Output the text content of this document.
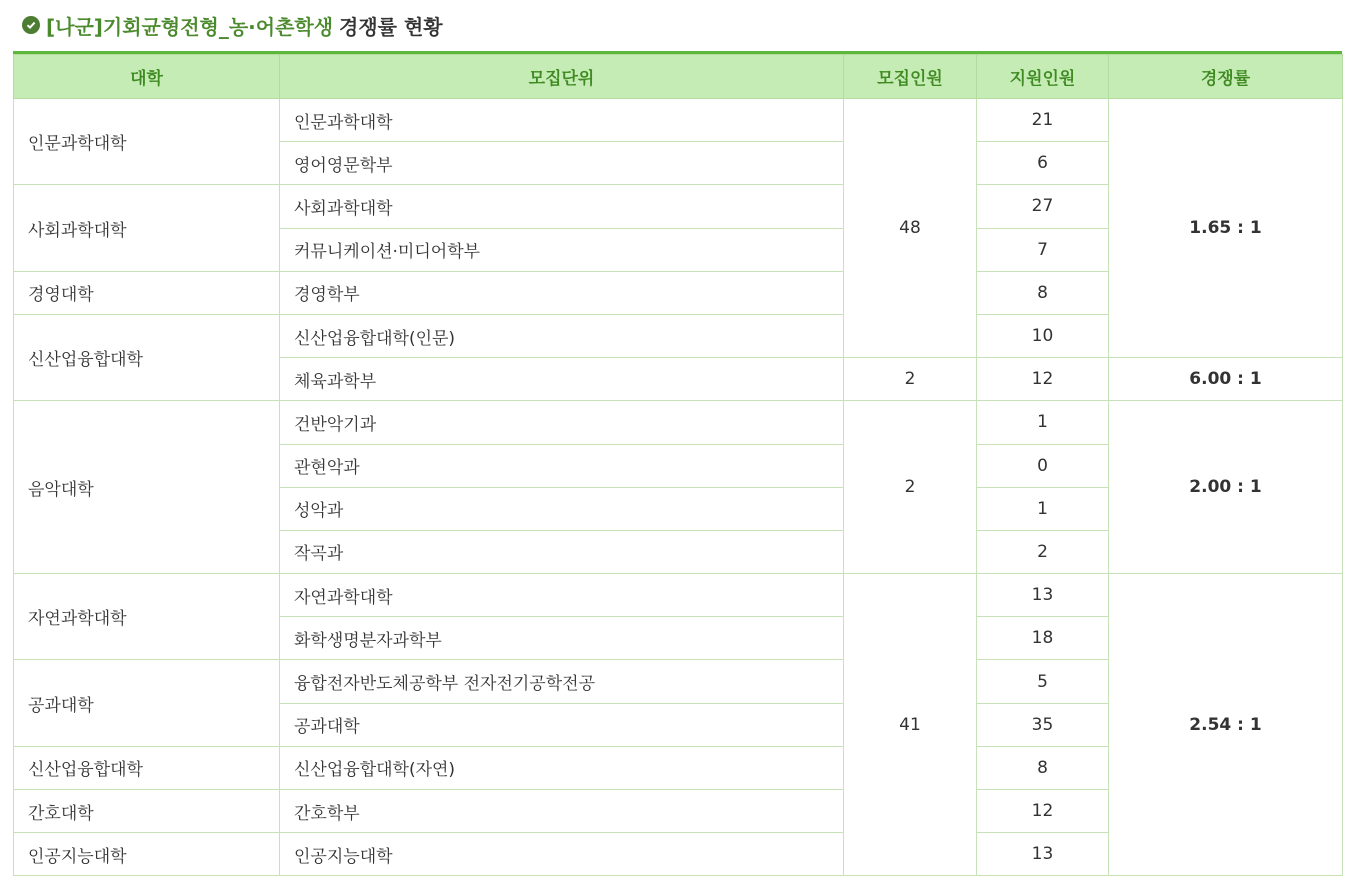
[나군]기회균형전형_농·어촌학생 경쟁률 현황
대학	모집단위	모집인원	지원인원	경쟁률
인문과학대학	인문과학대학	48	21	1.65 : 1
	영어영문학부		6	
사회과학대학	사회과학대학		27	
	커뮤니케이션·미디어학부		7	
경영대학	경영학부		8	
신산업융합대학	신산업융합대학(인문)		10	
	체육과학부	2	12	6.00 : 1
음악대학	건반악기과	2	1	2.00 : 1
	관현악과		0	
	성악과		1	
	작곡과		2	
자연과학대학	자연과학대학	41	13	2.54 : 1
	화학생명분자과학부		18	
공과대학	융합전자반도체공학부 전자전기공학전공		5	
	공과대학		35	
신산업융합대학	신산업융합대학(자연)		8	
간호대학	간호학부		12	
인공지능대학	인공지능대학		13	
